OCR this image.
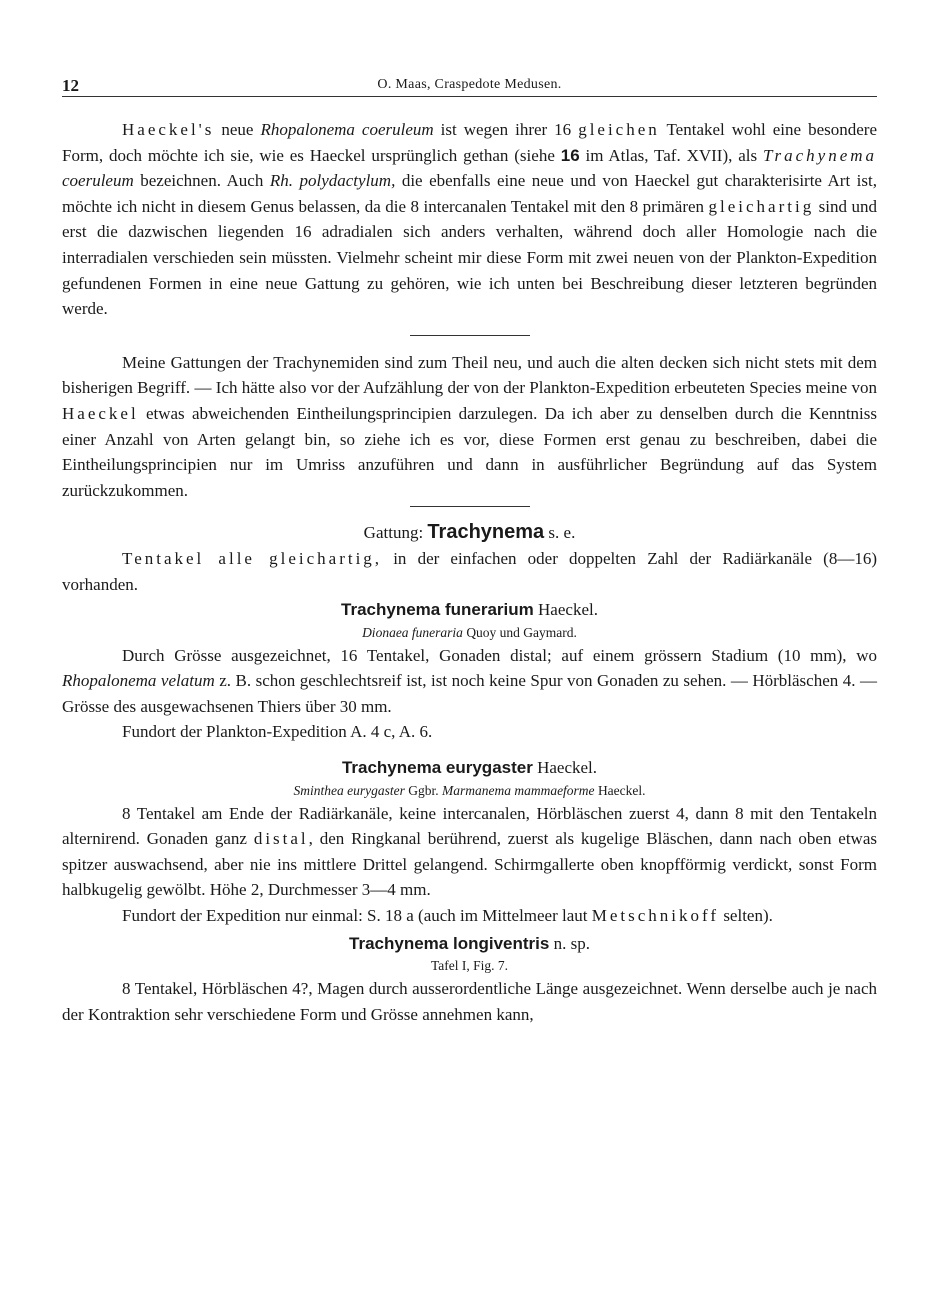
12	O. Maas, Craspedote Medusen.

Haeckel's neue Rhopalonema coeruleum ist wegen ihrer 16 gleichen Tentakel wohl eine besondere Form, doch möchte ich sie, wie es Haeckel ursprünglich gethan (siehe 16 im Atlas, Taf. XVII), als Trachynema coeruleum bezeichnen. Auch Rh. polydactylum, die ebenfalls eine neue und von Haeckel gut charakterisirte Art ist, möchte ich nicht in diesem Genus belassen, da die 8 intercanalen Tentakel mit den 8 primären gleichartig sind und erst die dazwischen liegenden 16 adradialen sich anders verhalten, während doch aller Homologie nach die interradialen verschieden sein müssten. Vielmehr scheint mir diese Form mit zwei neuen von der Plankton-Expedition gefundenen Formen in eine neue Gattung zu gehören, wie ich unten bei Beschreibung dieser letzteren begründen werde.

Meine Gattungen der Trachynemiden sind zum Theil neu, und auch die alten decken sich nicht stets mit dem bisherigen Begriff. — Ich hätte also vor der Aufzählung der von der Plankton-Expedition erbeuteten Species meine von Haeckel etwas abweichenden Eintheilungsprincipien darzulegen. Da ich aber zu denselben durch die Kenntniss einer Anzahl von Arten gelangt bin, so ziehe ich es vor, diese Formen erst genau zu beschreiben, dabei die Eintheilungsprincipien nur im Umriss anzuführen und dann in ausführlicher Begründung auf das System zurückzukommen.

Gattung: Trachynema s. e.

Tentakel alle gleichartig, in der einfachen oder doppelten Zahl der Radiärkanäle (8—16) vorhanden.

Trachynema funerarium Haeckel.

Dionaea funeraria Quoy und Gaymard.

Durch Grösse ausgezeichnet, 16 Tentakel, Gonaden distal; auf einem grössern Stadium (10 mm), wo Rhopalonema velatum z. B. schon geschlechtsreif ist, ist noch keine Spur von Gonaden zu sehen. — Hörbläschen 4. — Grösse des ausgewachsenen Thiers über 30 mm.

Fundort der Plankton-Expedition A. 4 c, A. 6.

Trachynema eurygaster Haeckel.

Sminthea eurygaster Ggbr. Marmanema mammaeforme Haeckel.

8 Tentakel am Ende der Radiärkanäle, keine intercanalen, Hörbläschen zuerst 4, dann 8 mit den Tentakeln alternirend. Gonaden ganz distal, den Ringkanal berührend, zuerst als kugelige Bläschen, dann nach oben etwas spitzer auswachsend, aber nie ins mittlere Drittel gelangend. Schirmgallerte oben knopfförmig verdickt, sonst Form halbkugelig gewölbt. Höhe 2, Durchmesser 3—4 mm.

Fundort der Expedition nur einmal: S. 18 a (auch im Mittelmeer laut Metschnikoff selten).

Trachynema longiventris n. sp.

Tafel I, Fig. 7.

8 Tentakel, Hörbläschen 4?, Magen durch ausserordentliche Länge ausgezeichnet. Wenn derselbe auch je nach der Kontraktion sehr verschiedene Form und Grösse annehmen kann,
